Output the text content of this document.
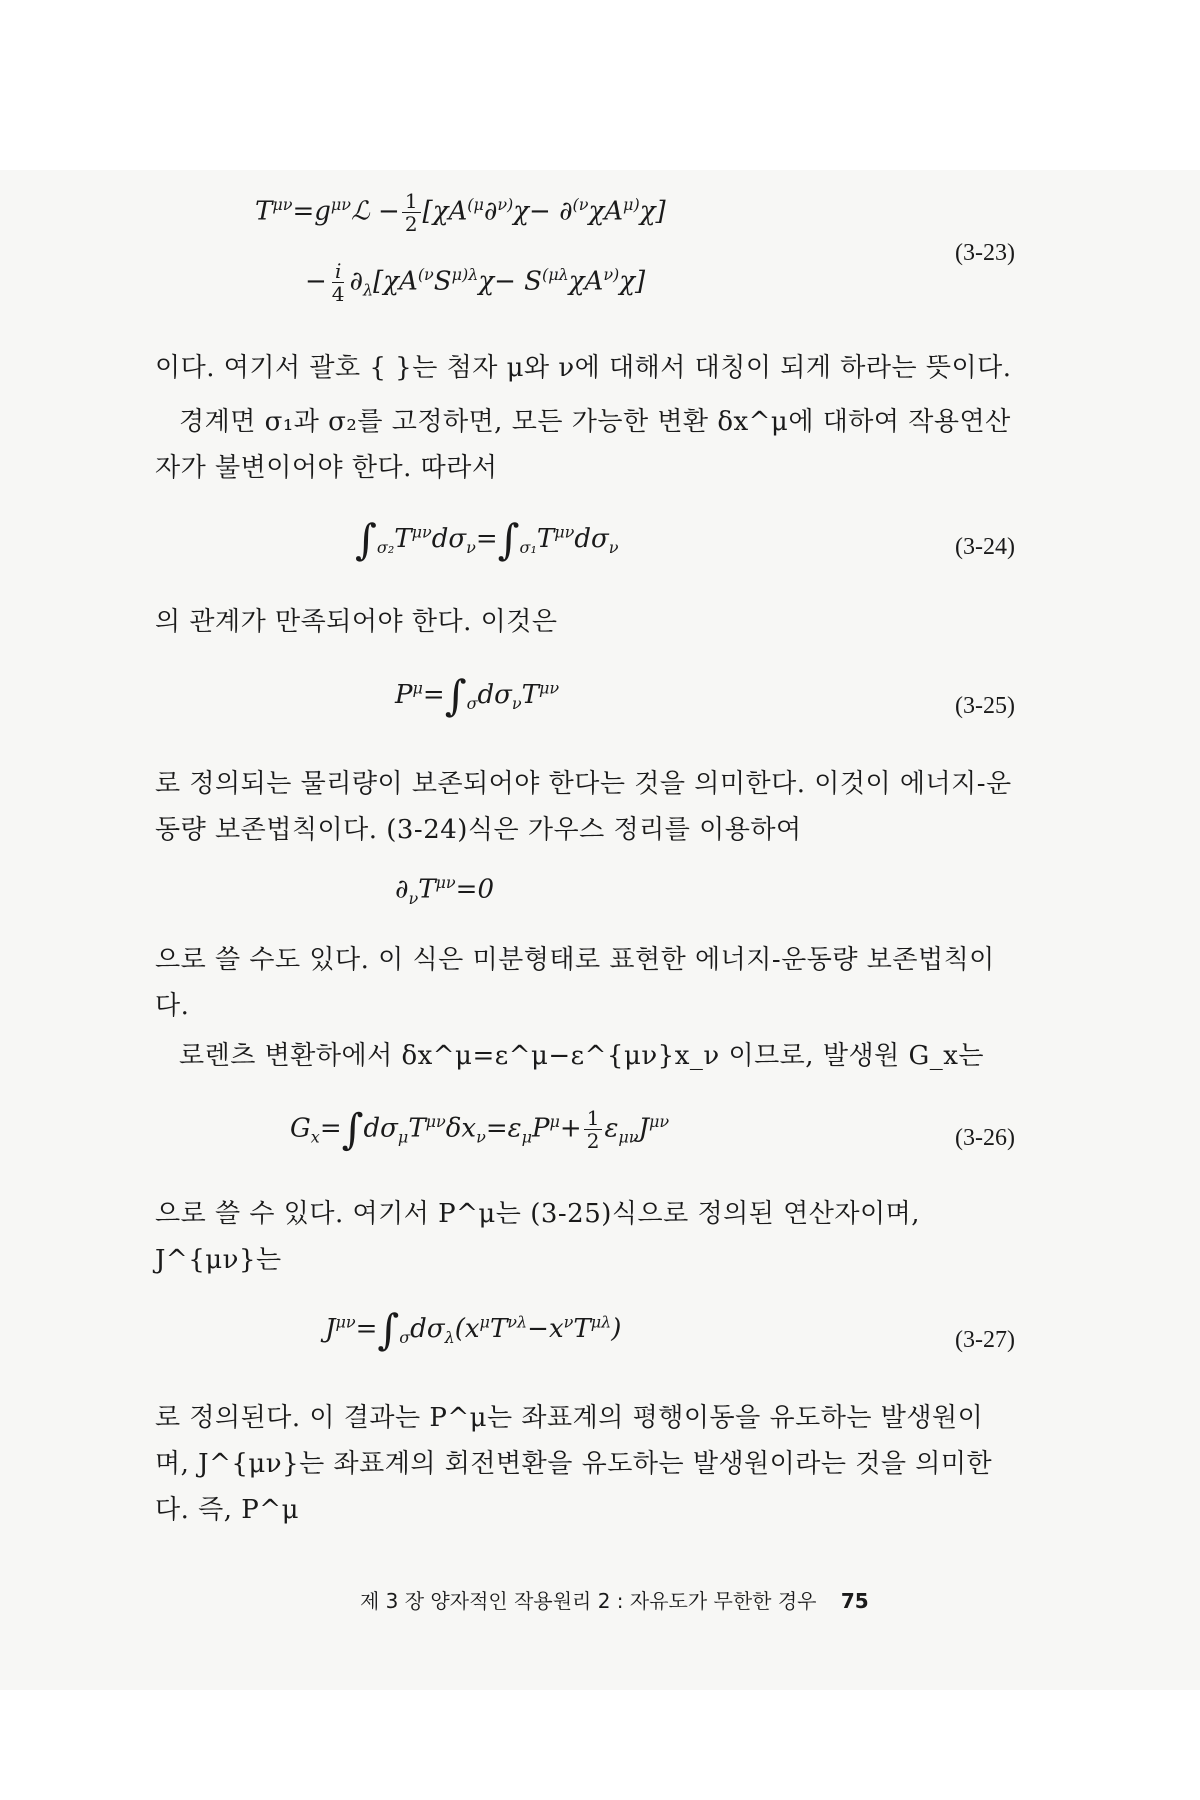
$T^{\mu\nu}=g^{\mu\nu}ℒ - \frac{1}{2} [\chi A^{(\mu}\partial^{\nu)}\chi- \partial^{(\nu}\chi A^{\mu)}\chi]$
− $\frac{i}{4} \partial_\lambda[\chi A^{(\nu}S^{\mu)\lambda}\chi- S^{(\mu\lambda}\chi A^{\nu)}\chi]$
(3-23)

이다. 여기서 괄호 { }는 첨자 μ와 ν에 대해서 대칭이 되게 하라는 뜻이다.

경계면 σ₁과 σ₂를 고정하면, 모든 가능한 변환 δx^μ에 대하여 작용연산자가 불변이어야 한다. 따라서

$\int_{\sigma_2}T^{\mu\nu}d\sigma_\nu=\int_{\sigma_1}T^{\mu\nu}d\sigma_\nu$	(3-24)

의 관계가 만족되어야 한다. 이것은

$P^\mu=\int_\sigma d\sigma_\nu T^{\mu\nu}$
(3-25)

로 정의되는 물리량이 보존되어야 한다는 것을 의미한다. 이것이 에너지-운동량 보존법칙이다. (3-24)식은 가우스 정리를 이용하여

$\partial_\nu T^{\mu\nu}=0$

으로 쓸 수도 있다. 이 식은 미분형태로 표현한 에너지-운동량 보존법칙이다.

로렌츠 변환하에서 δx^μ=ε^μ−ε^{μν}x_ν 이므로, 발생원 G_x는

$G_x=\int d\sigma_\mu T^{\mu\nu}\delta x_\nu=\varepsilon_\mu P^\mu+ \frac{1}{2} \varepsilon_{\mu\nu}J^{\mu\nu}$
(3-26)

으로 쓸 수 있다. 여기서 P^μ는 (3-25)식으로 정의된 연산자이며, J^{μν}는

$J^{\mu\nu}=\int_\sigma d\sigma_\lambda(x^\mu T^{\nu\lambda}-x^\nu T^{\mu\lambda})$	(3-27)

로 정의된다. 이 결과는 P^μ는 좌표계의 평행이동을 유도하는 발생원이며, J^{μν}는 좌표계의 회전변환을 유도하는 발생원이라는 것을 의미한다. 즉, P^μ

제 3 장 양자적인 작용원리 2 : 자유도가 무한한 경우 75
